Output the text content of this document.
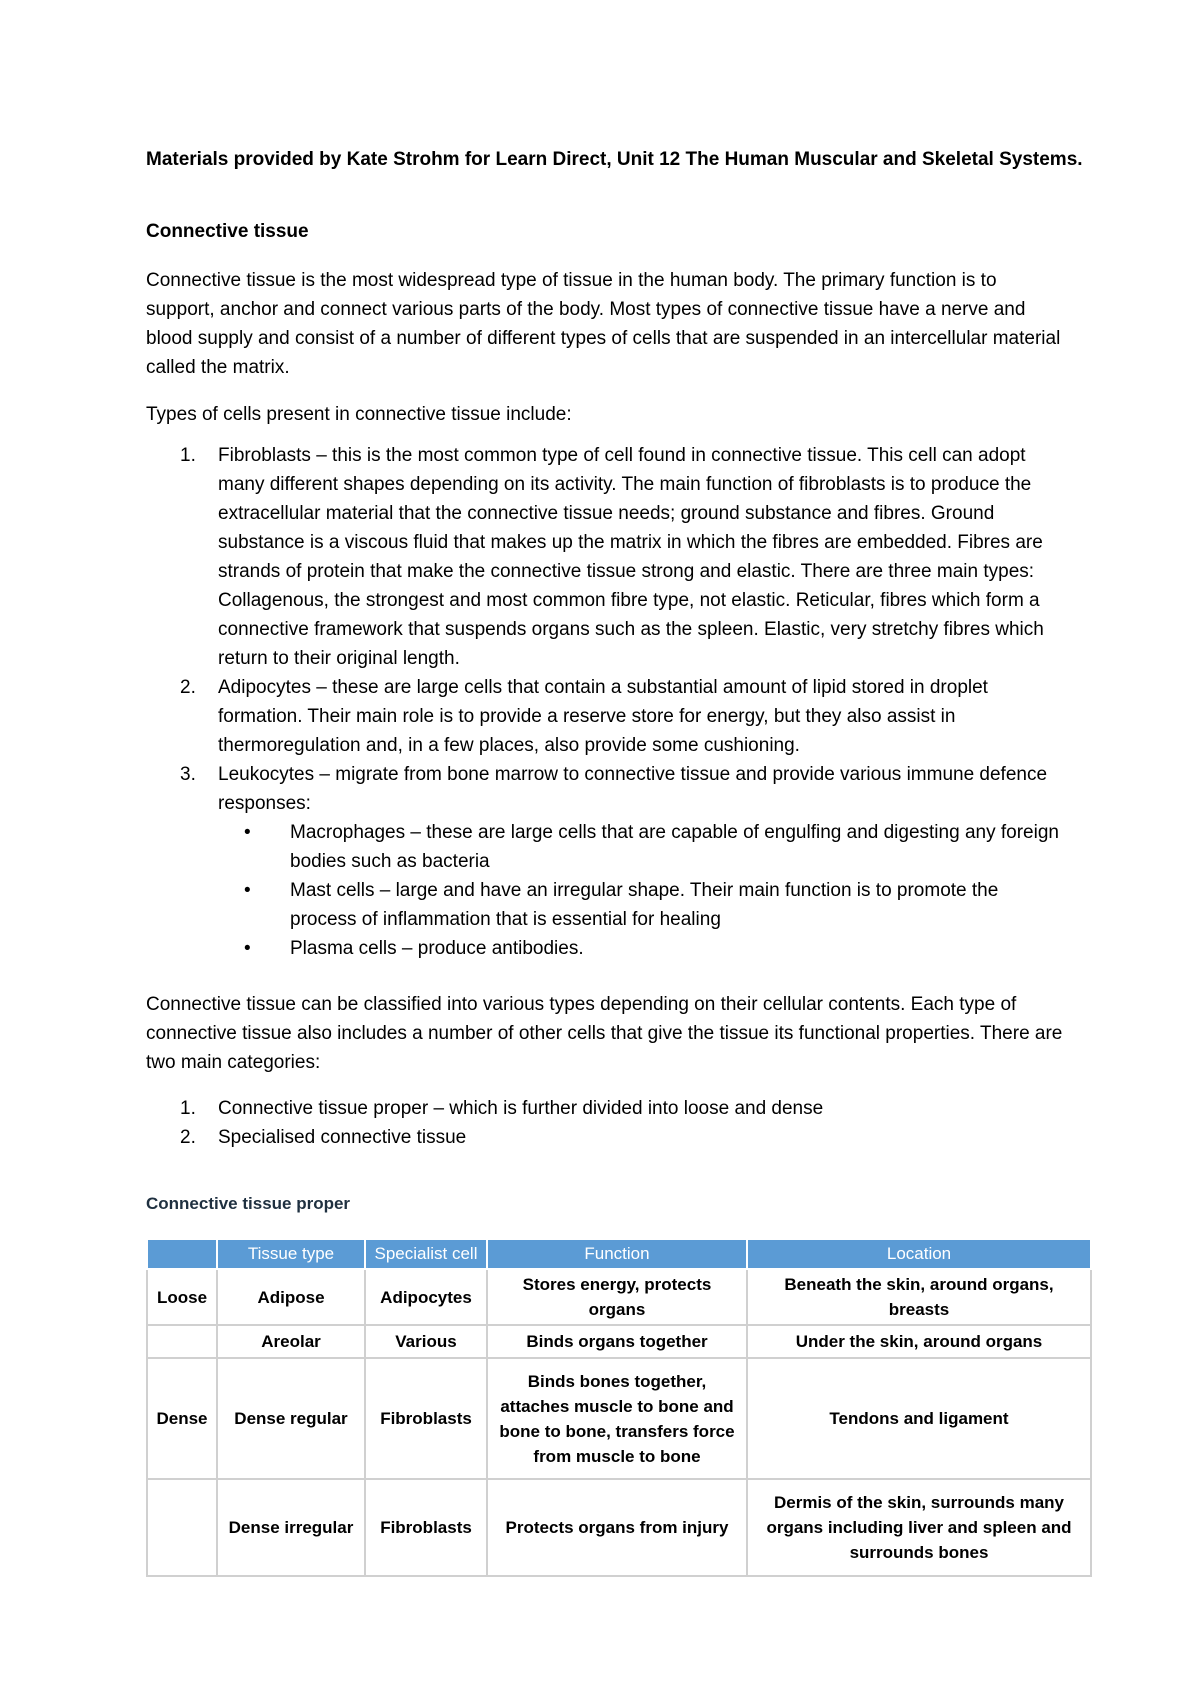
Materials provided by Kate Strohm for Learn Direct, Unit 12 The Human Muscular and Skeletal Systems.
Connective tissue

Connective tissue is the most widespread type of tissue in the human body. The primary function is to support, anchor and connect various parts of the body. Most types of connective tissue have a nerve and blood supply and consist of a number of different types of cells that are suspended in an intercellular material called the matrix.

Types of cells present in connective tissue include:

1. Fibroblasts – this is the most common type of cell found in connective tissue. This cell can adopt many different shapes depending on its activity. The main function of fibroblasts is to produce the extracellular material that the connective tissue needs; ground substance and fibres. Ground substance is a viscous fluid that makes up the matrix in which the fibres are embedded. Fibres are strands of protein that make the connective tissue strong and elastic. There are three main types: Collagenous, the strongest and most common fibre type, not elastic. Reticular, fibres which form a connective framework that suspends organs such as the spleen. Elastic, very stretchy fibres which return to their original length.
2. Adipocytes – these are large cells that contain a substantial amount of lipid stored in droplet formation. Their main role is to provide a reserve store for energy, but they also assist in thermoregulation and, in a few places, also provide some cushioning.
3. Leukocytes – migrate from bone marrow to connective tissue and provide various immune defence responses:
• Macrophages – these are large cells that are capable of engulfing and digesting any foreign bodies such as bacteria
• Mast cells – large and have an irregular shape. Their main function is to promote the process of inflammation that is essential for healing
• Plasma cells – produce antibodies.

Connective tissue can be classified into various types depending on their cellular contents. Each type of connective tissue also includes a number of other cells that give the tissue its functional properties. There are two main categories:

1. Connective tissue proper – which is further divided into loose and dense
2. Specialised connective tissue
Connective tissue proper
	Tissue type	Specialist cell	Function	Location
Loose	Adipose	Adipocytes	Stores energy, protects organs	Beneath the skin, around organs, breasts
	Areolar	Various	Binds organs together	Under the skin, around organs
Dense	Dense regular	Fibroblasts	Binds bones together, attaches muscle to bone and bone to bone, transfers force from muscle to bone	Tendons and ligament
	Dense irregular	Fibroblasts	Protects organs from injury	Dermis of the skin, surrounds many organs including liver and spleen and surrounds bones
